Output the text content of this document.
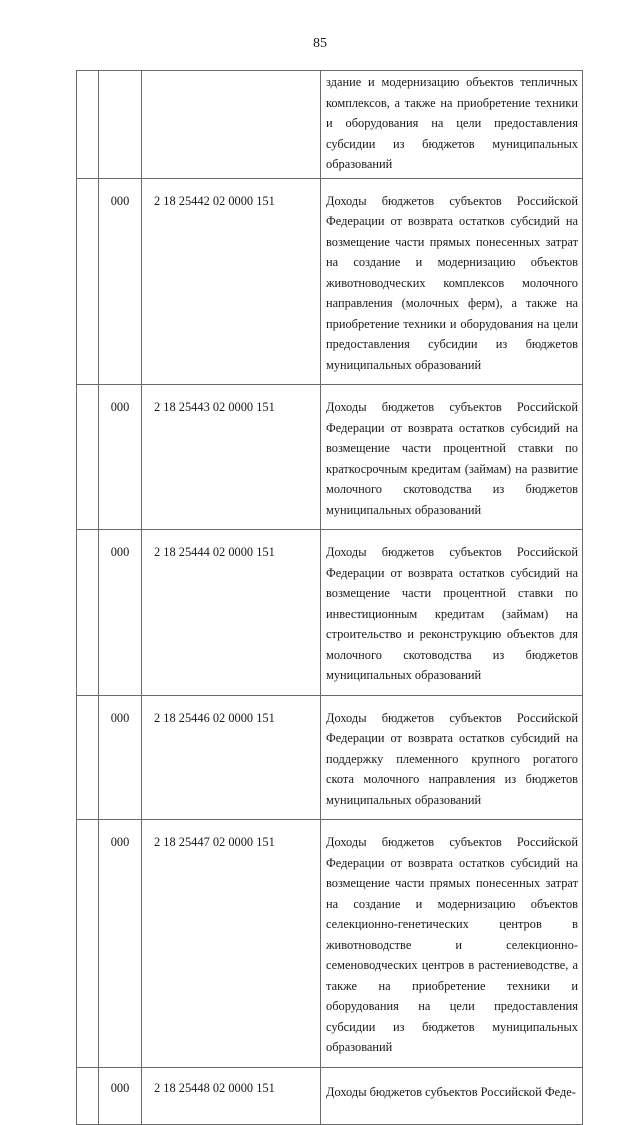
85
			здание и модернизацию объектов тепличных комплексов, а также на приобретение техники и оборудования на цели предоставления субсидии из бюджетов муниципальных образований
	000	2 18 25442 02 0000 151	Доходы бюджетов субъектов Российской Федерации от возврата остатков субсидий на возмещение части прямых понесенных затрат на создание и модернизацию объектов животноводческих комплексов молочного направления (молочных ферм), а также на приобретение техники и оборудования на цели предоставления субсидии из бюджетов муниципальных образований
	000	2 18 25443 02 0000 151	Доходы бюджетов субъектов Российской Федерации от возврата остатков субсидий на возмещение части процентной ставки по краткосрочным кредитам (займам) на развитие молочного скотоводства из бюджетов муниципальных образований
	000	2 18 25444 02 0000 151	Доходы бюджетов субъектов Российской Федерации от возврата остатков субсидий на возмещение части процентной ставки по инвестиционным кредитам (займам) на строительство и реконструкцию объектов для молочного скотоводства из бюджетов муниципальных образований
	000	2 18 25446 02 0000 151	Доходы бюджетов субъектов Российской Федерации от возврата остатков субсидий на поддержку племенного крупного рогатого скота молочного направления из бюджетов муниципальных образований
	000	2 18 25447 02 0000 151	Доходы бюджетов субъектов Российской Федерации от возврата остатков субсидий на возмещение части прямых понесенных затрат на создание и модернизацию объектов селекционно-генетических центров в животноводстве и селекционно-семеноводческих центров в растениеводстве, а также на приобретение техники и оборудования на цели предоставления субсидии из бюджетов муниципальных образований
	000	2 18 25448 02 0000 151	Доходы бюджетов субъектов Российской Феде-
